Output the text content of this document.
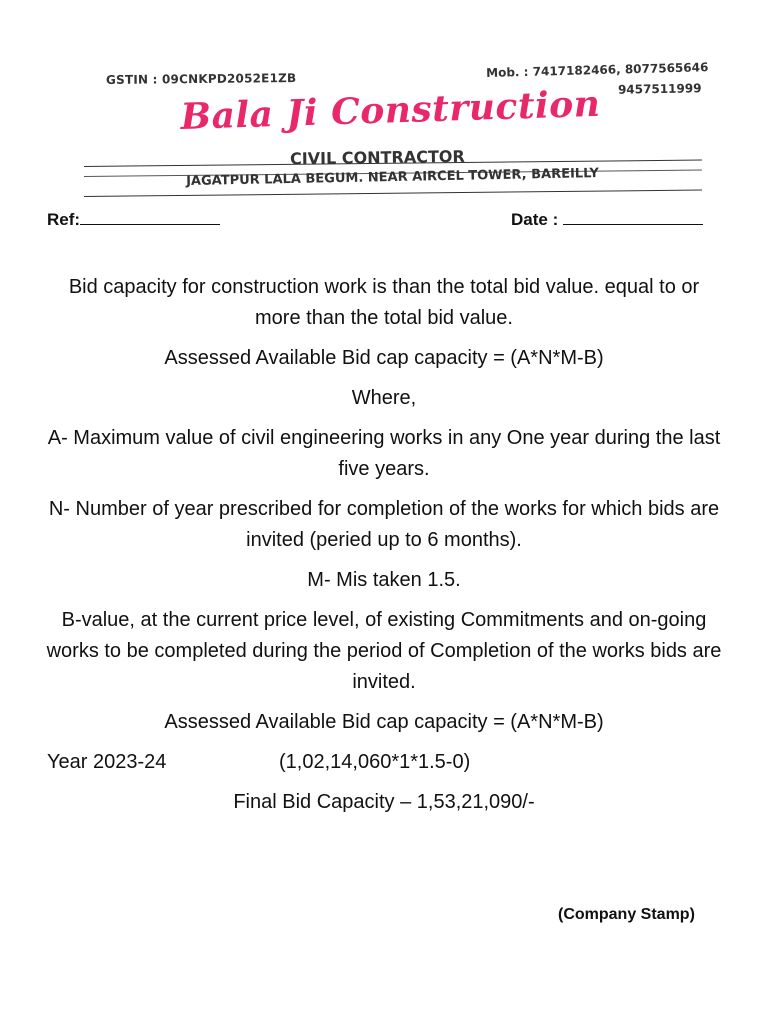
GSTIN : 09CNKPD2052E1ZB	Mob. : 7417182466, 8077565646
9457511999
Bala Ji Construction
CIVIL CONTRACTOR
JAGATPUR LALA BEGUM. NEAR AIRCEL TOWER, BAREILLY
Ref:	Date :

Bid capacity for construction work is than the total bid value. equal to or more than the total bid value.

Assessed Available Bid cap capacity = (A*N*M-B)

Where,

A- Maximum value of civil engineering works in any One year during the last five years.

N- Number of year prescribed for completion of the works for which bids are invited (peried up to 6 months).

M- Mis taken 1.5.

B-value, at the current price level, of existing Commitments and on-going works to be completed during the period of Completion of the works bids are invited.

Assessed Available Bid cap capacity = (A*N*M-B)

Year 2023-24	(1,02,14,060*1*1.5-0)

Final Bid Capacity – 1,53,21,090/-

(Company Stamp)
